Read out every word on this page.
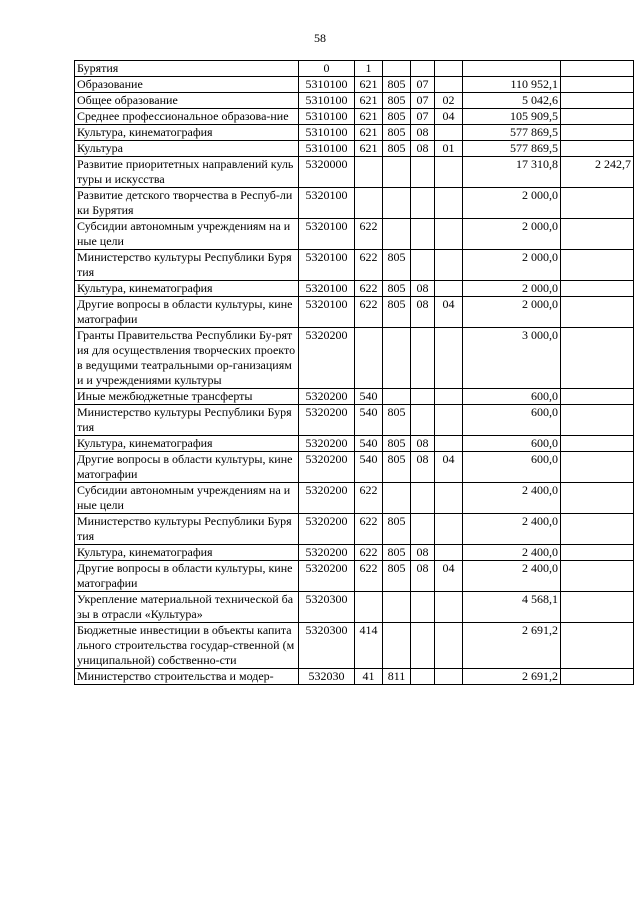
58
Бурятия	0	1					
Образование	5310100	621	805	07		110 952,1	
Общее образование	5310100	621	805	07	02	5 042,6	
Среднее профессиональное образова-ние	5310100	621	805	07	04	105 909,5	
Культура, кинематография	5310100	621	805	08		577 869,5	
Культура	5310100	621	805	08	01	577 869,5	
Развитие приоритетных направлений культуры и искусства	5320000					17 310,8	2 242,7
Развитие детского творчества в Респуб-лики Бурятия	5320100					2 000,0	
Субсидии автономным учреждениям на иные цели	5320100	622				2 000,0	
Министерство культуры Республики Бурятия	5320100	622	805			2 000,0	
Культура, кинематография	5320100	622	805	08		2 000,0	
Другие вопросы в области культуры, кинематографии	5320100	622	805	08	04	2 000,0	
Гранты Правительства Республики Бу-рятия для осуществления творческих проектов ведущими театральными ор-ганизациями и учреждениями культуры	5320200					3 000,0	
Иные межбюджетные трансферты	5320200	540				600,0	
Министерство культуры Республики Бурятия	5320200	540	805			600,0	
Культура, кинематография	5320200	540	805	08		600,0	
Другие вопросы в области культуры, кинематографии	5320200	540	805	08	04	600,0	
Субсидии автономным учреждениям на иные цели	5320200	622				2 400,0	
Министерство культуры Республики Бурятия	5320200	622	805			2 400,0	
Культура, кинематография	5320200	622	805	08		2 400,0	
Другие вопросы в области культуры, кинематографии	5320200	622	805	08	04	2 400,0	
Укрепление материальной технической базы в отрасли «Культура»	5320300					4 568,1	
Бюджетные инвестиции в объекты капитального строительства государ-ственной (муниципальной) собственно-сти	5320300	414				2 691,2	
Министерство строительства и модер-	532030	41	811			2 691,2	
